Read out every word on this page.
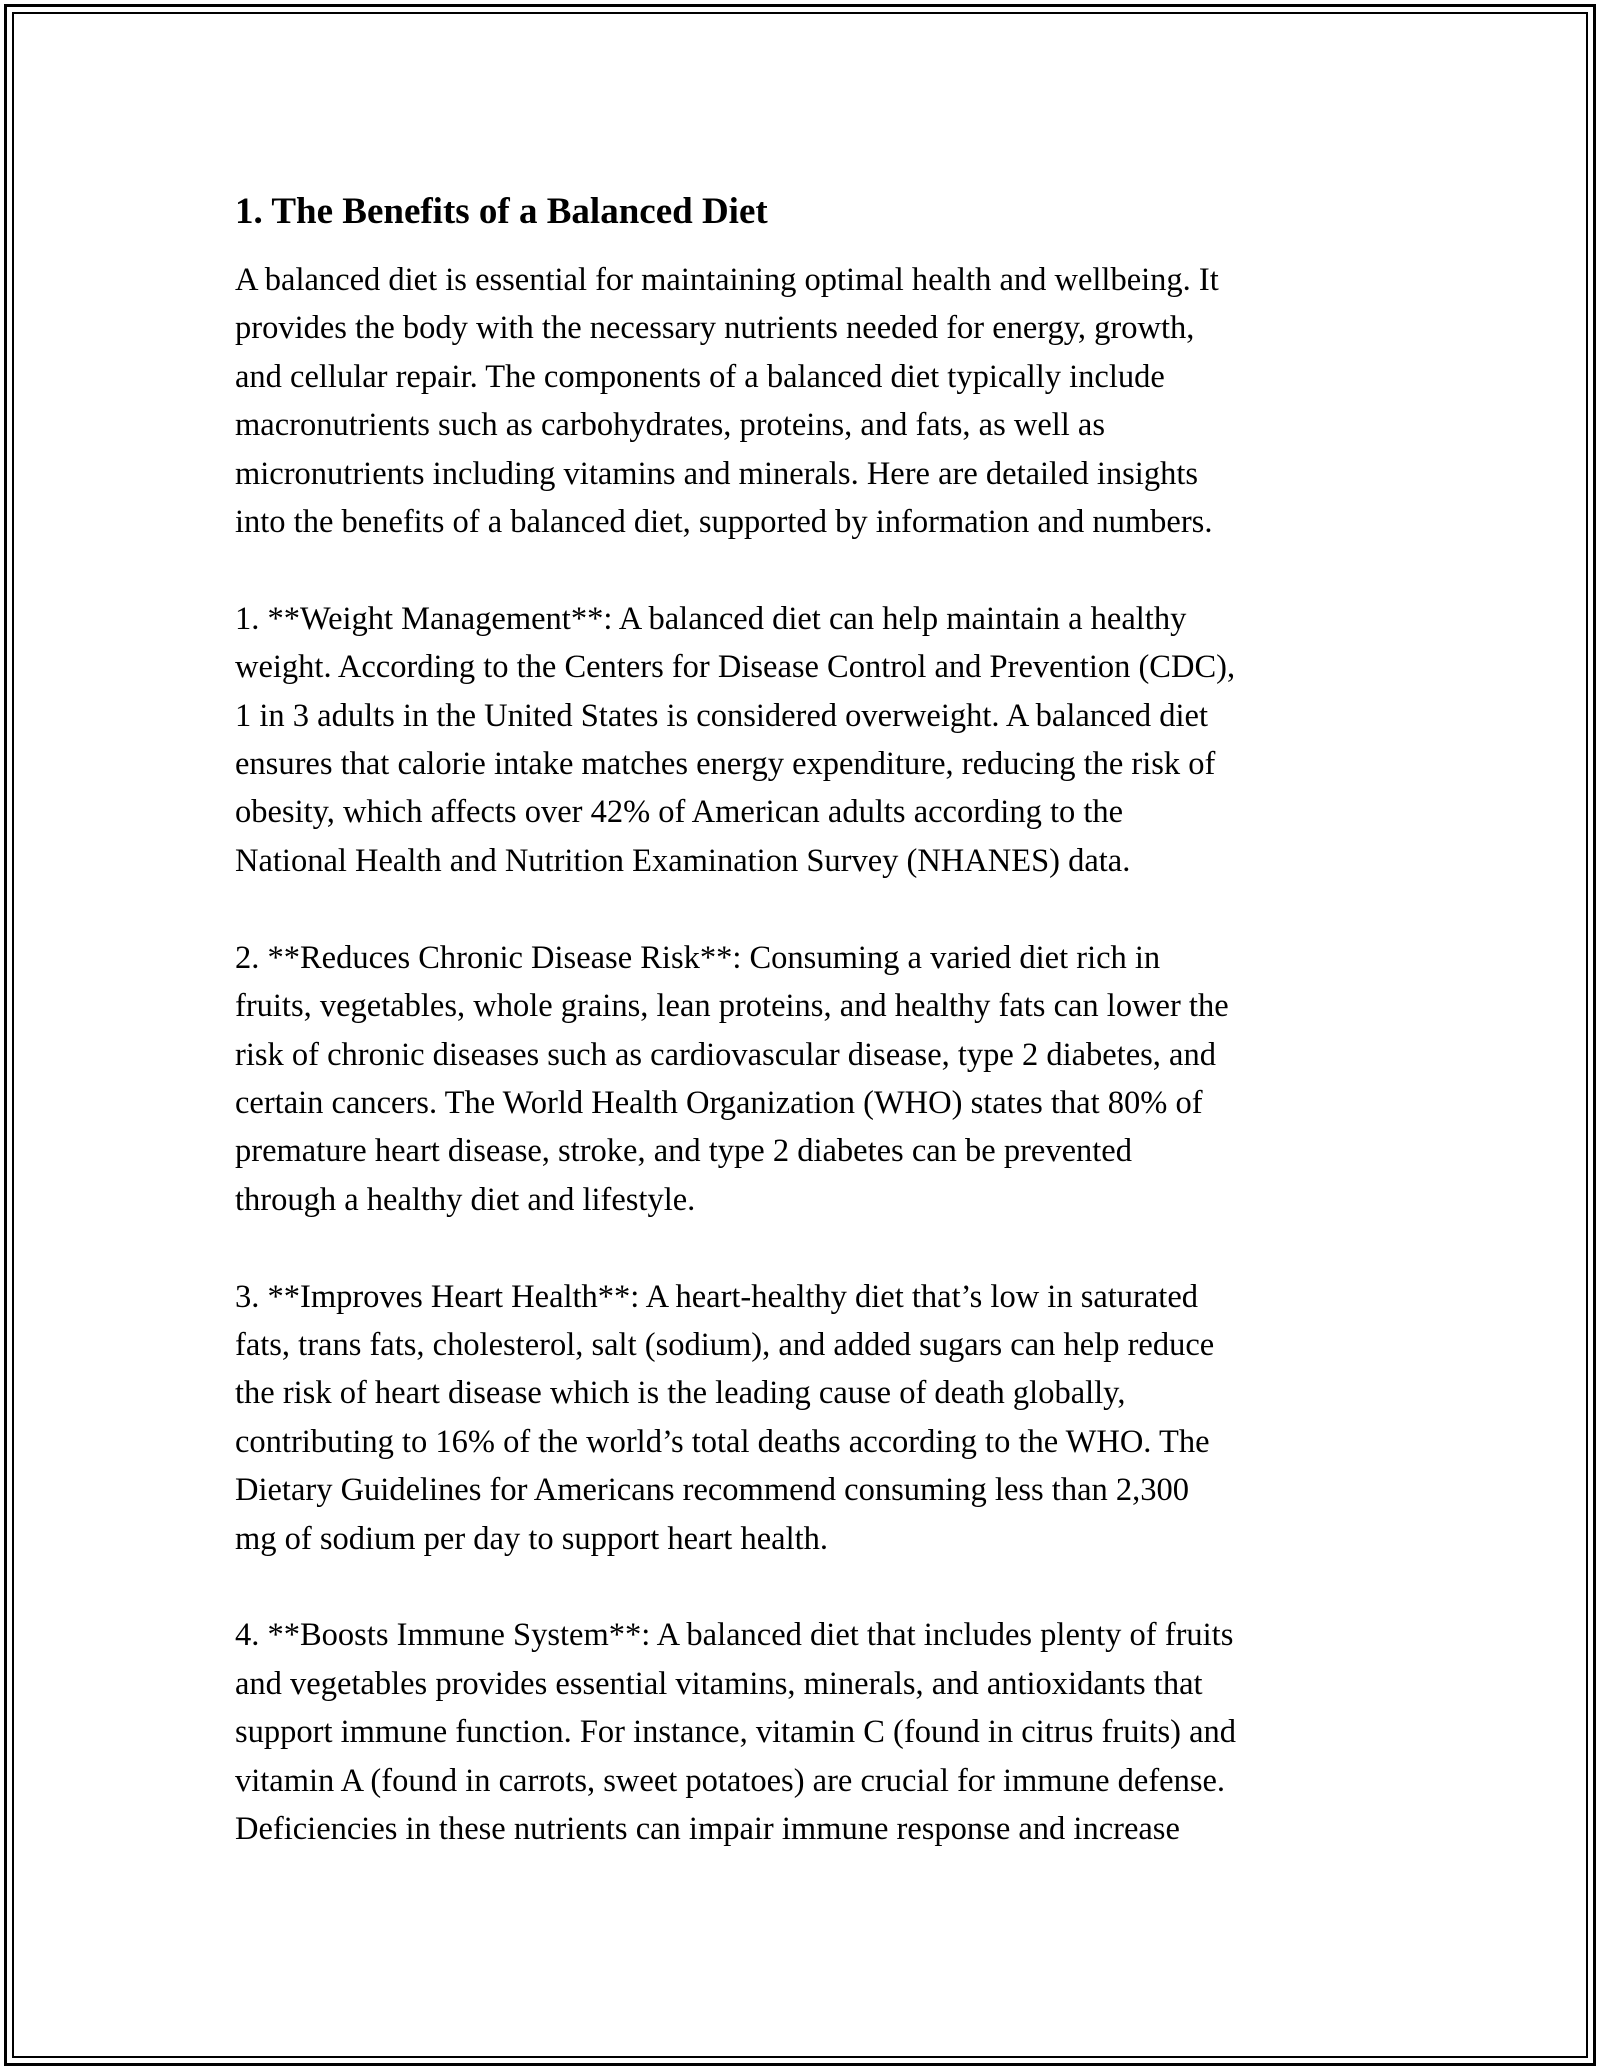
1. The Benefits of a Balanced Diet

A balanced diet is essential for maintaining optimal health and wellbeing. It
provides the body with the necessary nutrients needed for energy, growth,
and cellular repair. The components of a balanced diet typically include
macronutrients such as carbohydrates, proteins, and fats, as well as
micronutrients including vitamins and minerals. Here are detailed insights
into the benefits of a balanced diet, supported by information and numbers.

1. **Weight Management**: A balanced diet can help maintain a healthy
weight. According to the Centers for Disease Control and Prevention (CDC),
1 in 3 adults in the United States is considered overweight. A balanced diet
ensures that calorie intake matches energy expenditure, reducing the risk of
obesity, which affects over 42% of American adults according to the
National Health and Nutrition Examination Survey (NHANES) data.

2. **Reduces Chronic Disease Risk**: Consuming a varied diet rich in
fruits, vegetables, whole grains, lean proteins, and healthy fats can lower the
risk of chronic diseases such as cardiovascular disease, type 2 diabetes, and
certain cancers. The World Health Organization (WHO) states that 80% of
premature heart disease, stroke, and type 2 diabetes can be prevented
through a healthy diet and lifestyle.

3. **Improves Heart Health**: A heart-healthy diet that’s low in saturated
fats, trans fats, cholesterol, salt (sodium), and added sugars can help reduce
the risk of heart disease which is the leading cause of death globally,
contributing to 16% of the world’s total deaths according to the WHO. The
Dietary Guidelines for Americans recommend consuming less than 2,300
mg of sodium per day to support heart health.

4. **Boosts Immune System**: A balanced diet that includes plenty of fruits
and vegetables provides essential vitamins, minerals, and antioxidants that
support immune function. For instance, vitamin C (found in citrus fruits) and
vitamin A (found in carrots, sweet potatoes) are crucial for immune defense.
Deficiencies in these nutrients can impair immune response and increase
